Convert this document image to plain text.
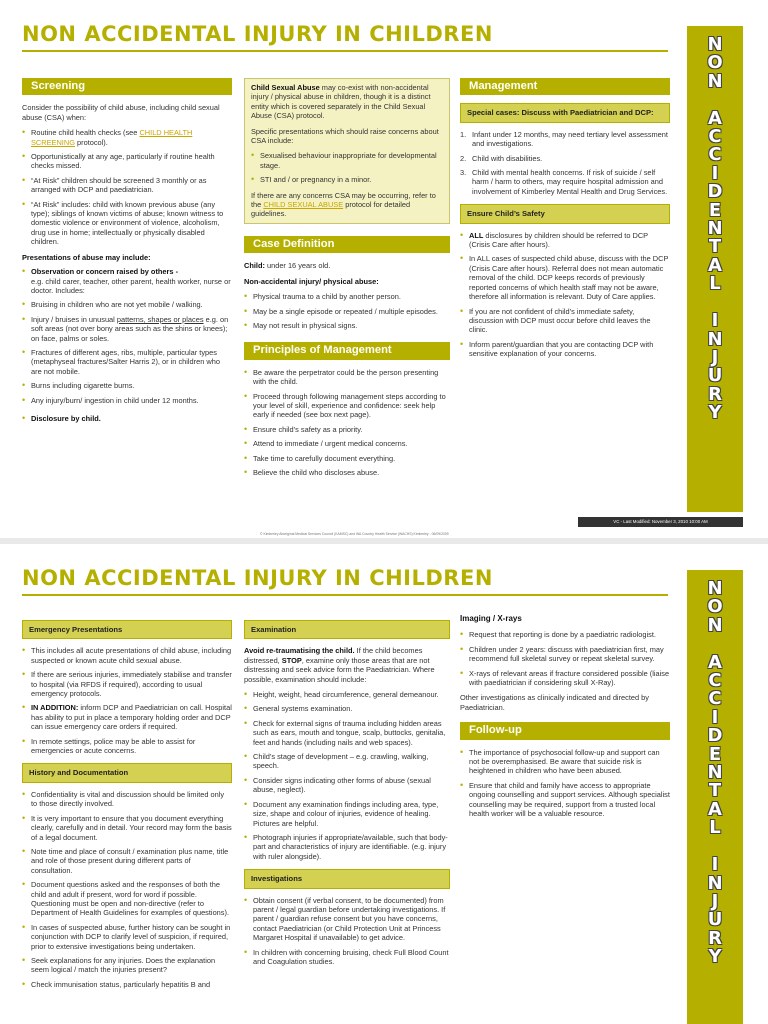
NON ACCIDENTAL INJURY IN CHILDREN	N
O
N

A
C
C
I
D
E
N
T
A
L

I
N
J
U
R
Y
Screening

Consider the possibility of child abuse, including child sexual abuse (CSA) when:

• Routine child health checks (see CHILD HEALTH SCREENING protocol).
• Opportunistically at any age, particularly if routine health checks missed.
• “At Risk” children should be screened 3 monthly or as arranged with DCP and paediatrician.
• “At Risk” includes: child with known previous abuse (any type); siblings of known victims of abuse; known witness to domestic violence or environment of violence, alcoholism, drug use in home; intellectually or physically disabled children.

Presentations of abuse may include:

• Observation or concern raised by others -
e.g. child carer, teacher, other parent, health worker, nurse or doctor. Includes:
• Bruising in children who are not yet mobile / walking.
• Injury / bruises in unusual patterns, shapes or places e.g. on soft areas (not over bony areas such as the shins or knees); on face, palms or soles.
• Fractures of different ages, ribs, multiple, particular types (metaphyseal fractures/Salter Harris 2), or in children who are not mobile.
• Burns including cigarette burns.
• Any injury/burn/ ingestion in child under 12 months.
• Disclosure by child.

Child Sexual Abuse may co-exist with non-accidental injury / physical abuse in children, though it is a distinct entity which is covered separately in the Child Sexual Abuse (CSA) protocol.

Specific presentations which should raise concerns about CSA include:

• Sexualised behaviour inappropriate for developmental stage.
• STI and / or pregnancy in a minor.

If there are any concerns CSA may be occurring, refer to the CHILD SEXUAL ABUSE protocol for detailed guidelines.

Case Definition

Child: under 16 years old.

Non-accidental injury/ physical abuse:

• Physical trauma to a child by another person.
• May be a single episode or repeated / multiple episodes.
• May not result in physical signs.
Principles of Management
• Be aware the perpetrator could be the person presenting with the child.
• Proceed through following management steps according to your level of skill, experience and confidence: seek help early if needed (see box next page).
• Ensure child’s safety as a priority.
• Attend to immediate / urgent medical concerns.
• Take time to carefully document everything.
• Believe the child who discloses abuse.
Management
Special cases: Discuss with Paediatrician and DCP:
1. Infant under 12 months, may need tertiary level assessment and investigations.
2. Child with disabilities.
3. Child with mental health concerns. If risk of suicide / self harm / harm to others, may require hospital admission and involvement of Kimberley Mental Health and Drug Services.
Ensure Child’s Safety
• ALL disclosures by children should be referred to DCP (Crisis Care after hours).
• In ALL cases of suspected child abuse, discuss with the DCP (Crisis Care after hours). Referral does not mean automatic removal of the child. DCP keeps records of previously reported concerns of which health staff may not be aware, therefore all information is relevant. Duty of Care applies.
• If you are not confident of child’s immediate safety, discussion with DCP must occur before child leaves the clinic.
• Inform parent/guardian that you are contacting DCP with sensitive explanation of your concerns.
VC - Last Modified: November 3, 2010 10:00 AM
© Kimberley Aboriginal Medical Services Council (KAMSC) and WA Country Health Service (WACHS) Kimberley - 06/09/2009
NON ACCIDENTAL INJURY IN CHILDREN	N
O
N

A
C
C
I
D
E
N
T
A
L

I
N
J
U
R
Y
Emergency Presentations
• This includes all acute presentations of child abuse, including suspected or known acute child sexual abuse.
• If there are serious injuries, immediately stabilise and transfer to hospital (via RFDS if required), according to usual emergency protocols.
• IN ADDITION: inform DCP and Paediatrician on call. Hospital has ability to put in place a temporary holding order and DCP can issue emergency care orders if required.
• In remote settings, police may be able to assist for emergencies or acute concerns.
History and Documentation
• Confidentiality is vital and discussion should be limited only to those directly involved.
• It is very important to ensure that you document everything clearly, carefully and in detail. Your record may form the basis of a legal document.
• Note time and place of consult / examination plus name, title and role of those present during different parts of consultation.
• Document questions asked and the responses of both the child and adult if present, word for word if possible. Questioning must be open and non-directive (refer to Department of Health Guidelines for examples of questions).
• In cases of suspected abuse, further history can be sought in conjunction with DCP to clarify level of suspicion, if required, prior to extensive investigations being undertaken.
• Seek explanations for any injuries. Does the explanation seem logical / match the injuries present?
• Check immunisation status, particularly hepatitis B and
Examination

Avoid re-traumatising the child. If the child becomes distressed, STOP, examine only those areas that are not distressing and seek advice form the Paediatrician. Where possible, examination should include:

• Height, weight, head circumference, general demeanour.
• General systems examination.
• Check for external signs of trauma including hidden areas such as ears, mouth and tongue, scalp, buttocks, genitalia, feet and hands (including nails and web spaces).
• Child’s stage of development – e.g. crawling, walking, speech.
• Consider signs indicating other forms of abuse (sexual abuse, neglect).
• Document any examination findings including area, type, size, shape and colour of injuries, evidence of healing. Pictures are helpful.
• Photograph injuries if appropriate/available, such that body-part and characteristics of injury are identifiable. (e.g. injury with ruler alongside).
Investigations
• Obtain consent (if verbal consent, to be documented) from parent / legal guardian before undertaking investigations. If parent / guardian refuse consent but you have concerns, contact Paediatrician (or Child Protection Unit at Princess Margaret Hospital if unavailable) to get advice.
• In children with concerning bruising, check Full Blood Count and Coagulation studies.

Imaging / X-rays

• Request that reporting is done by a paediatric radiologist.
• Children under 2 years: discuss with paediatrician first, may recommend full skeletal survey or repeat skeletal survey.
• X-rays of relevant areas if fracture considered possible (liaise with paediatrician if considering skull X-Ray).

Other investigations as clinically indicated and directed by Paediatrician.

Follow-up
• The importance of psychosocial follow-up and support can not be overemphasised. Be aware that suicide risk is heightened in children who have been abused.
• Ensure that child and family have access to appropriate ongoing counselling and support services. Although specialist counselling may be required, support from a trusted local health worker will be a valuable resource.
